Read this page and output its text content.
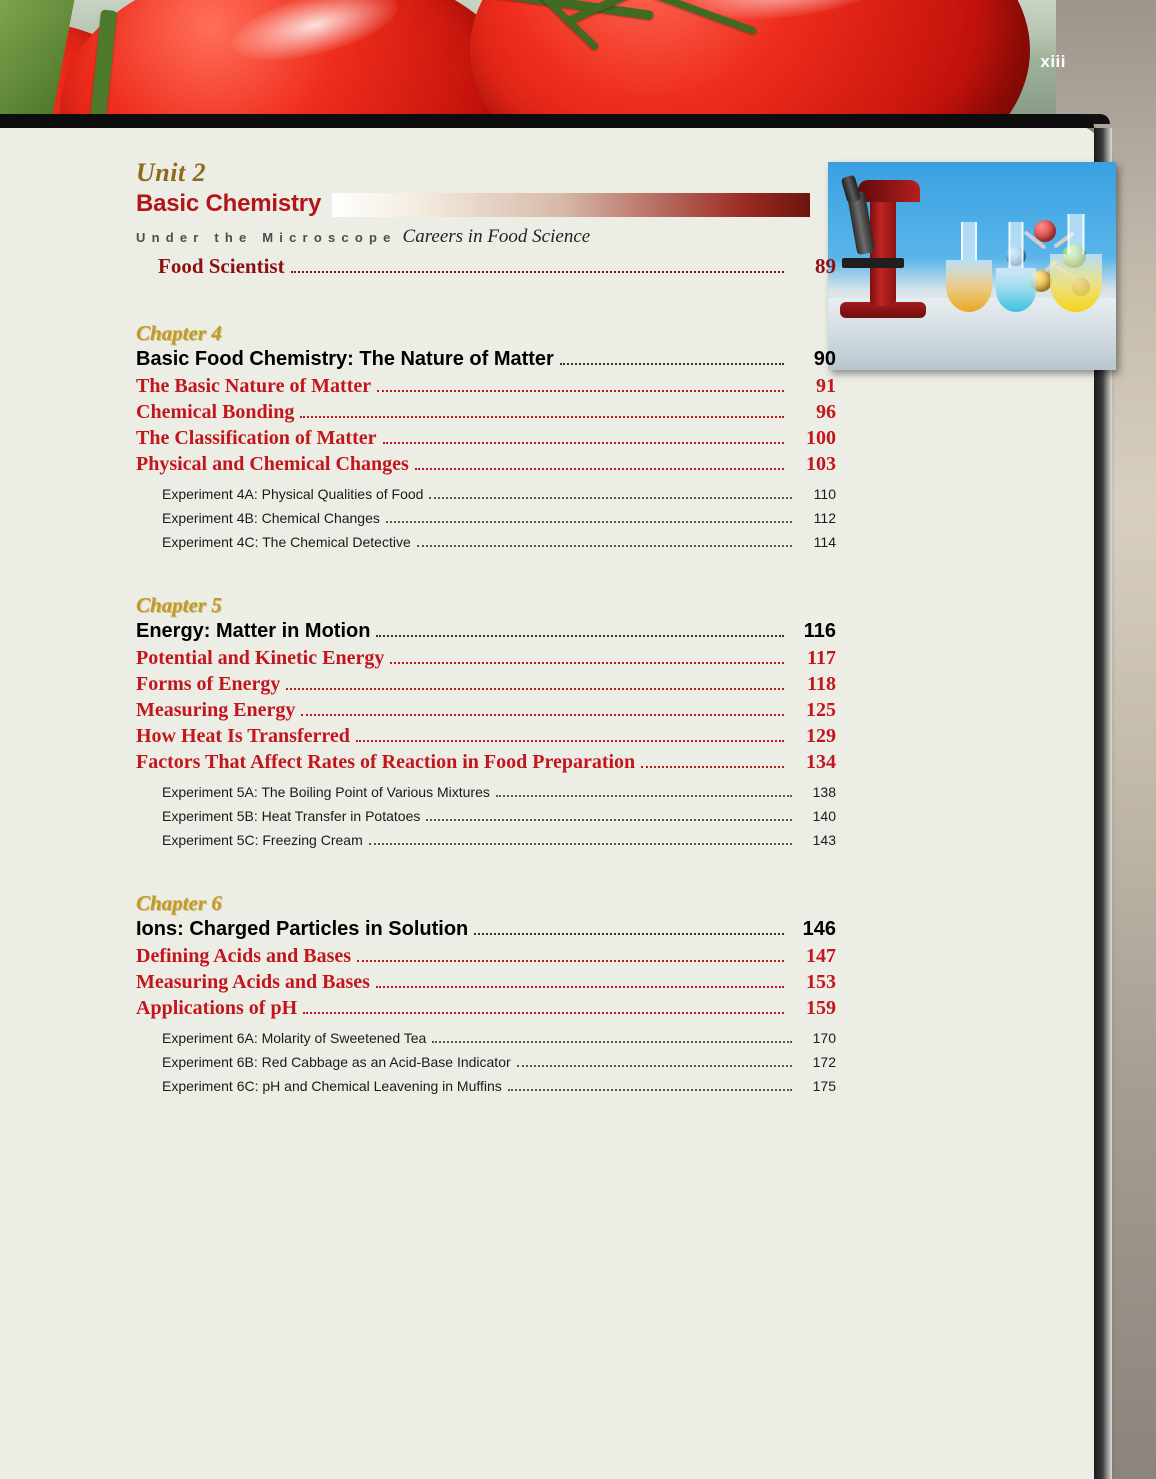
xiii
Unit 2
Basic Chemistry
Under the Microscope Careers in Food Science
Food Scientist	89
Chapter 4
Basic Food Chemistry: The Nature of Matter	90
The Basic Nature of Matter	91
Chemical Bonding	96
The Classification of Matter	100
Physical and Chemical Changes	103
Experiment 4A: Physical Qualities of Food	110
Experiment 4B: Chemical Changes	112
Experiment 4C: The Chemical Detective	114
Chapter 5
Energy: Matter in Motion	116
Potential and Kinetic Energy	117
Forms of Energy	118
Measuring Energy	125
How Heat Is Transferred	129
Factors That Affect Rates of Reaction in Food Preparation	134
Experiment 5A: The Boiling Point of Various Mixtures	138
Experiment 5B: Heat Transfer in Potatoes	140
Experiment 5C: Freezing Cream	143
Chapter 6
Ions: Charged Particles in Solution	146
Defining Acids and Bases	147
Measuring Acids and Bases	153
Applications of pH	159
Experiment 6A: Molarity of Sweetened Tea	170
Experiment 6B: Red Cabbage as an Acid-Base Indicator	172
Experiment 6C: pH and Chemical Leavening in Muffins	175
